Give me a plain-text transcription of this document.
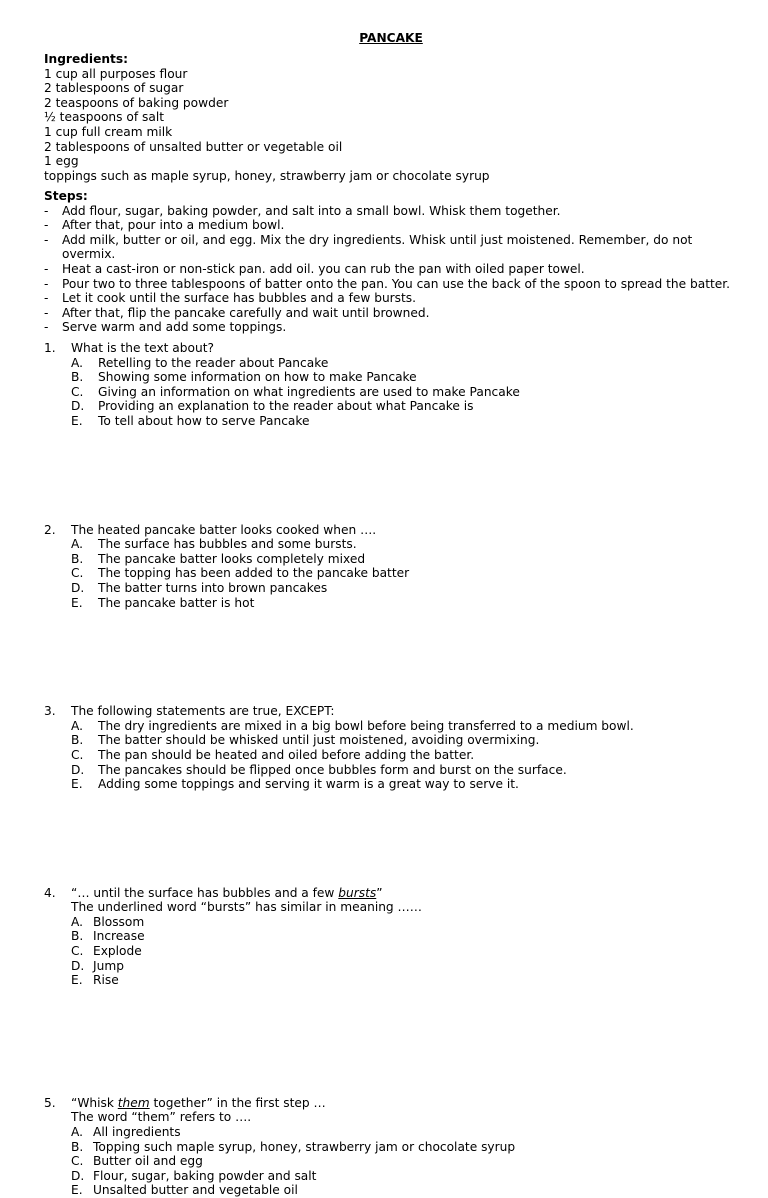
PANCAKE
Ingredients:
1 cup all purposes flour
2 tablespoons of sugar
2 teaspoons of baking powder
½ teaspoons of salt
1 cup full cream milk
2 tablespoons of unsalted butter or vegetable oil
1 egg
toppings such as maple syrup, honey, strawberry jam or chocolate syrup
Steps:
- Add flour, sugar, baking powder, and salt into a small bowl. Whisk them together.
- After that, pour into a medium bowl.
- Add milk, butter or oil, and egg. Mix the dry ingredients. Whisk until just moistened. Remember, do not overmix.
- Heat a cast-iron or non-stick pan. add oil. you can rub the pan with oiled paper towel.
- Pour two to three tablespoons of batter onto the pan. You can use the back of the spoon to spread the batter.
- Let it cook until the surface has bubbles and a few bursts.
- After that, flip the pancake carefully and wait until browned.
- Serve warm and add some toppings.
1. What is the text about?
A. Retelling to the reader about Pancake
B. Showing some information on how to make Pancake
C. Giving an information on what ingredients are used to make Pancake
D. Providing an explanation to the reader about what Pancake is
E. To tell about how to serve Pancake
2. The heated pancake batter looks cooked when ….
A. The surface has bubbles and some bursts.
B. The pancake batter looks completely mixed
C. The topping has been added to the pancake batter
D. The batter turns into brown pancakes
E. The pancake batter is hot
3. The following statements are true, EXCEPT:
A. The dry ingredients are mixed in a big bowl before being transferred to a medium bowl.
B. The batter should be whisked until just moistened, avoiding overmixing.
C. The pan should be heated and oiled before adding the batter.
D. The pancakes should be flipped once bubbles form and burst on the surface.
E. Adding some toppings and serving it warm is a great way to serve it.
4. “… until the surface has bubbles and a few bursts”
The underlined word “bursts” has similar in meaning ……
A. Blossom
B. Increase
C. Explode
D. Jump
E. Rise
5. “Whisk them together” in the first step …
The word “them” refers to ….
A. All ingredients
B. Topping such maple syrup, honey, strawberry jam or chocolate syrup
C. Butter oil and egg
D. Flour, sugar, baking powder and salt
E. Unsalted butter and vegetable oil
